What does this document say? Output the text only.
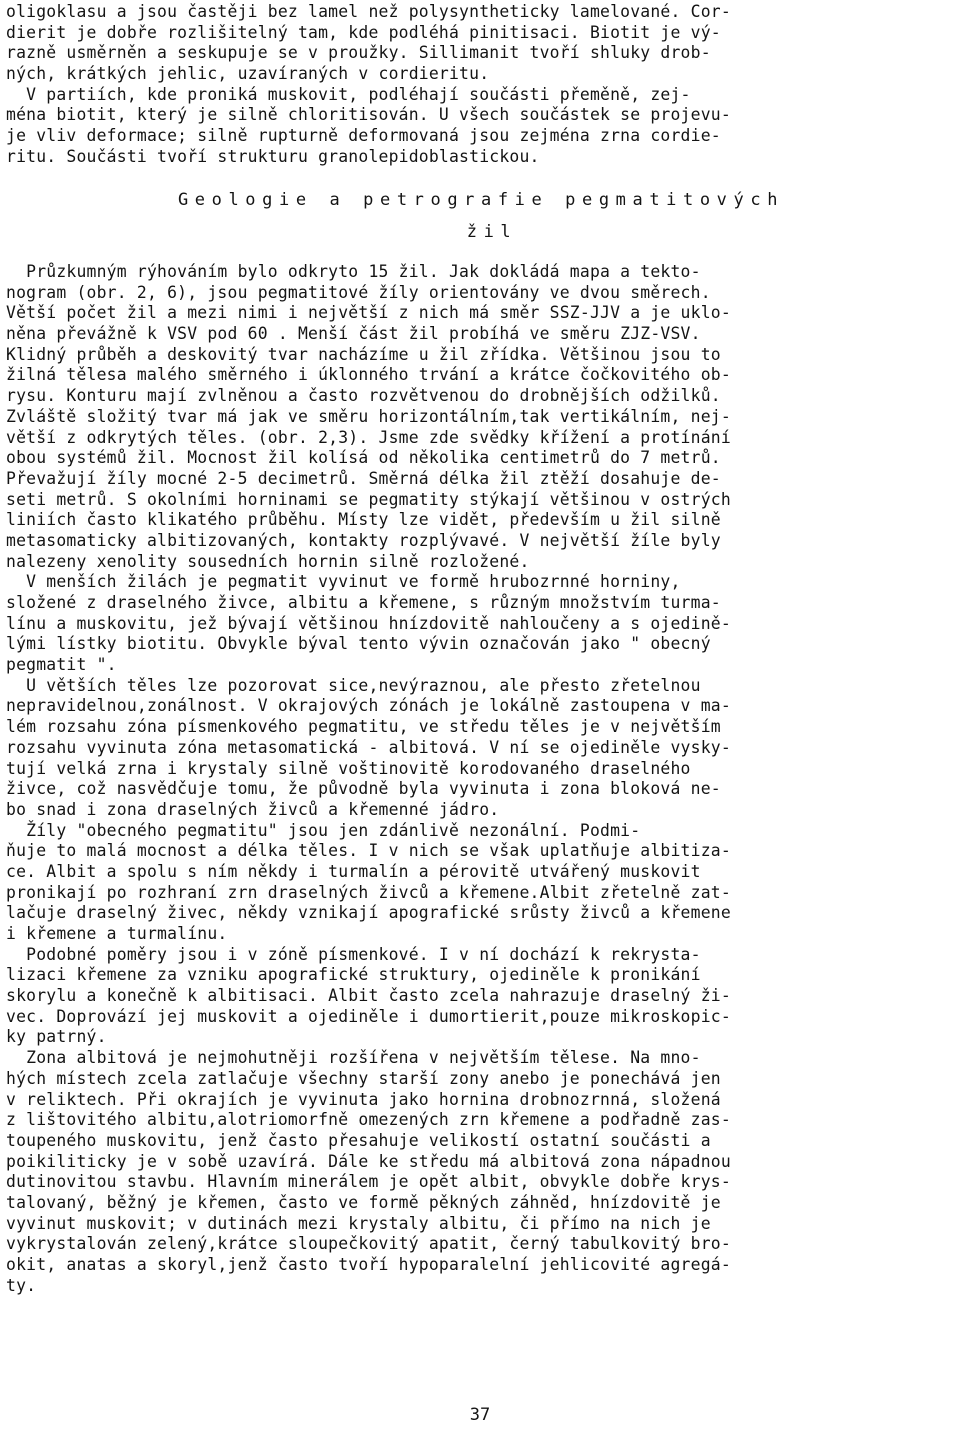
oligoklasu a jsou častěji bez lamel než polysyntheticky lamelované. Cor-
dierit je dobře rozlišitelný tam, kde podléhá pinitisaci. Biotit je vý-
razně usměrněn a seskupuje se v proužky. Sillimanit tvoří shluky drob-
ných, krátkých jehlic, uzavíraných v cordieritu.
V partiích, kde proniká muskovit, podléhají součásti přeměně, zej-
ména biotit, který je silně chloritisován. U všech součástek se projevu-
je vliv deformace; silně rupturně deformovaná jsou zejména zrna cordie-
ritu. Součásti tvoří strukturu granolepidoblastickou.
Geologie a petrografie pegmatitových
žil
Průzkumným rýhováním bylo odkryto 15 žil. Jak dokládá mapa a tekto-
nogram (obr. 2, 6), jsou pegmatitové žíly orientovány ve dvou směrech.
Větší počet žil a mezi nimi i největší z nich má směr SSZ-JJV a je uklo-
něna převážně k VSV pod 60 . Menší část žil probíhá ve směru ZJZ-VSV.
Klidný průběh a deskovitý tvar nacházíme u žil zřídka. Většinou jsou to
žilná tělesa malého směrného i úklonného trvání a krátce čočkovitého ob-
rysu. Konturu mají zvlněnou a často rozvětvenou do drobnějších odžilků.
Zvláště složitý tvar má jak ve směru horizontálním,tak vertikálním, nej-
větší z odkrytých těles. (obr. 2,3). Jsme zde svědky křížení a protínání
obou systémů žil. Mocnost žil kolísá od několika centimetrů do 7 metrů.
Převažují žíly mocné 2-5 decimetrů. Směrná délka žil ztěží dosahuje de-
seti metrů. S okolními horninami se pegmatity stýkají většinou v ostrých
liniích často klikatého průběhu. Místy lze vidět, především u žil silně
metasomaticky albitizovaných, kontakty rozplývavé. V největší žíle byly
nalezeny xenolity sousedních hornin silně rozložené.
V menších žilách je pegmatit vyvinut ve formě hrubozrnné horniny,
složené z draselného živce, albitu a křemene, s různým množstvím turma-
línu a muskovitu, jež bývají většinou hnízdovitě nahloučeny a s ojedině-
lými lístky biotitu. Obvykle býval tento vývin označován jako " obecný
pegmatit ".
U větších těles lze pozorovat sice,nevýraznou, ale přesto zřetelnou
nepravidelnou,zonálnost. V okrajových zónách je lokálně zastoupena v ma-
lém rozsahu zóna písmenkového pegmatitu, ve středu těles je v největším
rozsahu vyvinuta zóna metasomatická - albitová. V ní se ojediněle vysky-
tují velká zrna i krystaly silně voštinovitě korodovaného draselného
živce, což nasvědčuje tomu, že původně byla vyvinuta i zona bloková ne-
bo snad i zona draselných živců a křemenné jádro.
Žíly "obecného pegmatitu" jsou jen zdánlivě nezonální. Podmi-
ňuje to malá mocnost a délka těles. I v nich se však uplatňuje albitiza-
ce. Albit a spolu s ním někdy i turmalín a pérovitě utvářený muskovit
pronikají po rozhraní zrn draselných živců a křemene.Albit zřetelně zat-
lačuje draselný živec, někdy vznikají apografické srůsty živců a křemene
i křemene a turmalínu.
Podobné poměry jsou i v zóně písmenkové. I v ní dochází k rekrysta-
lizaci křemene za vzniku apografické struktury, ojediněle k pronikání
skorylu a konečně k albitisaci. Albit často zcela nahrazuje draselný ži-
vec. Doprovází jej muskovit a ojediněle i dumortierit,pouze mikroskopic-
ky patrný.
Zona albitová je nejmohutněji rozšířena v největším tělese. Na mno-
hých místech zcela zatlačuje všechny starší zony anebo je ponechává jen
v reliktech. Při okrajích je vyvinuta jako hornina drobnozrnná, složená
z lištovitého albitu,alotriomorfně omezených zrn křemene a podřadně zas-
toupeného muskovitu, jenž často přesahuje velikostí ostatní součásti a
poikiliticky je v sobě uzavírá. Dále ke středu má albitová zona nápadnou
dutinovitou stavbu. Hlavním minerálem je opět albit, obvykle dobře krys-
talovaný, běžný je křemen, často ve formě pěkných záhněd, hnízdovitě je
vyvinut muskovit; v dutinách mezi krystaly albitu, či přímo na nich je
vykrystalován zelený,krátce sloupečkovitý apatit, černý tabulkovitý bro-
okit, anatas a skoryl,jenž často tvoří hypoparalelní jehlicovité agregá-
ty.
37
